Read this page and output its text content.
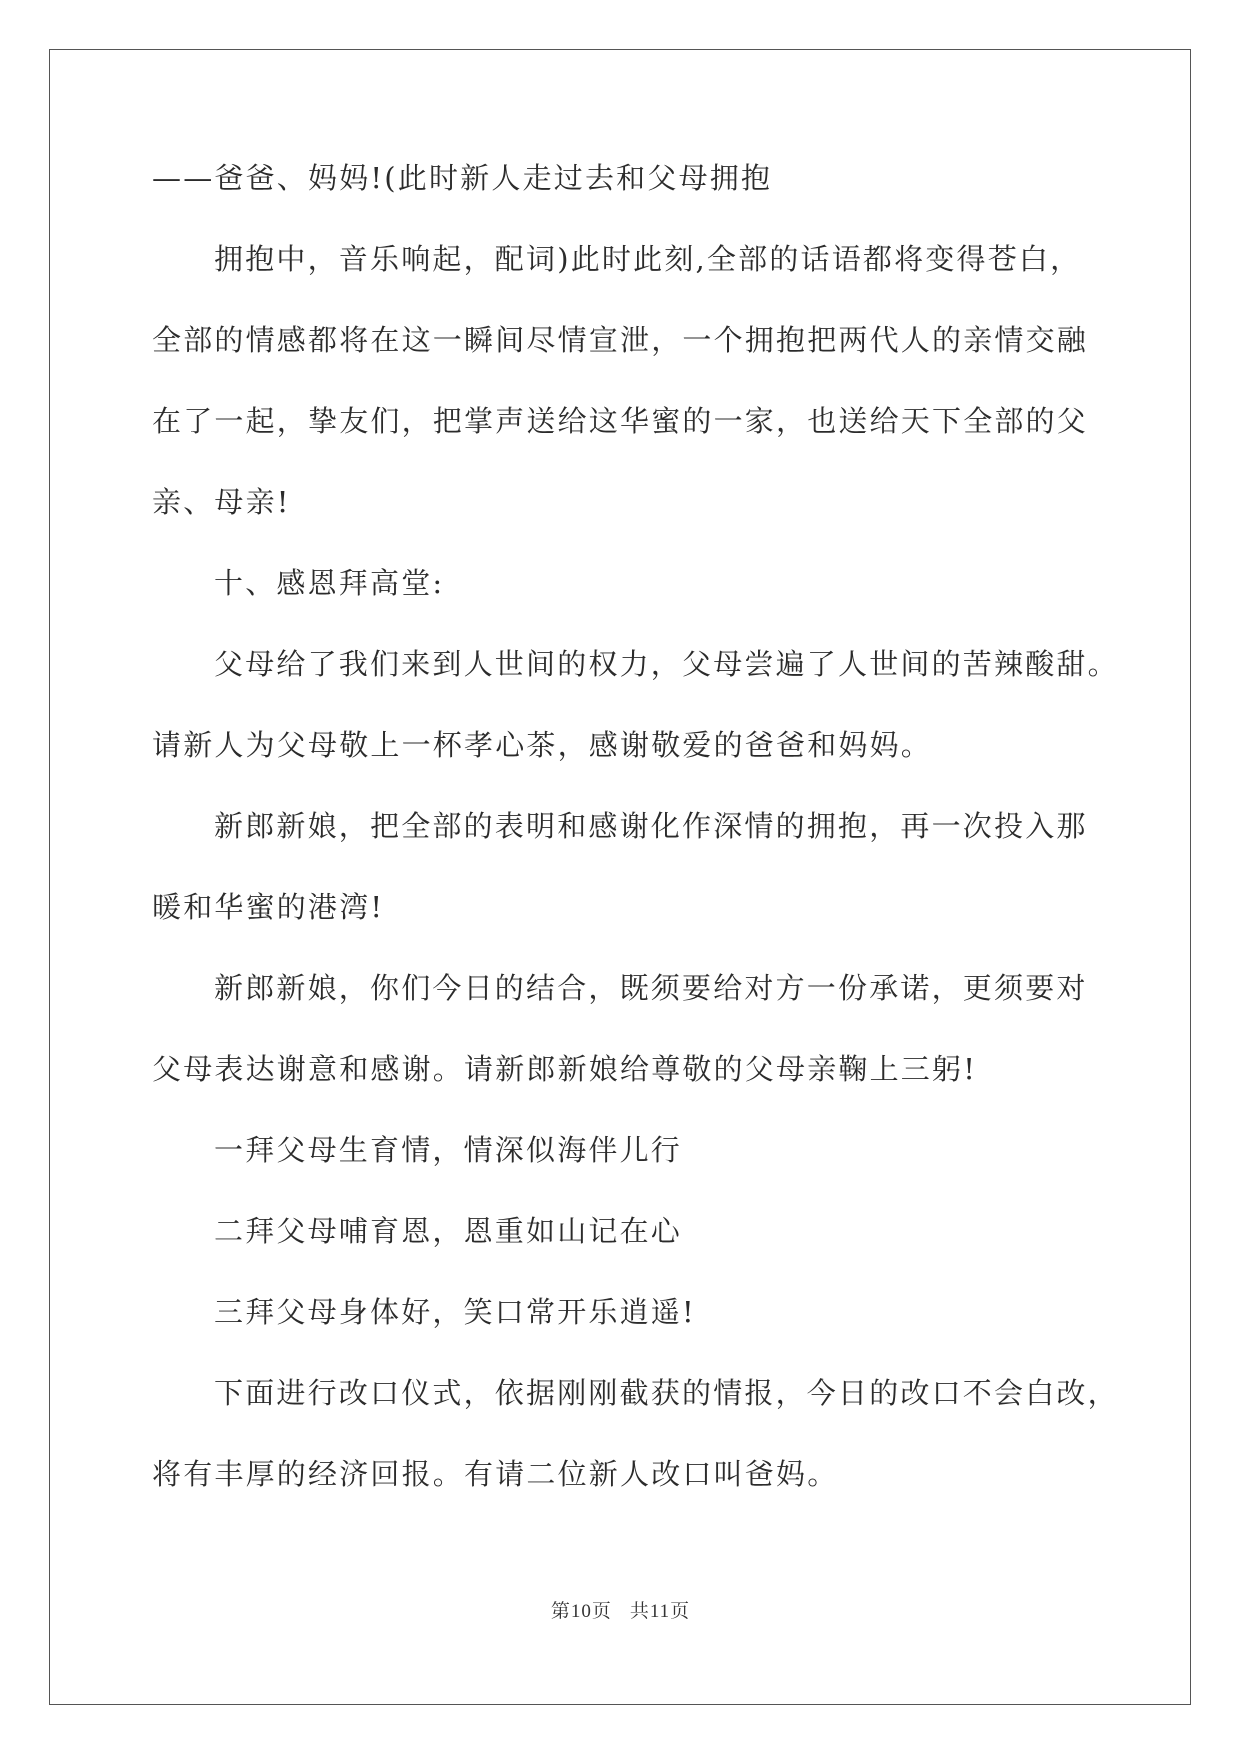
——爸爸、妈妈!(此时新人走过去和父母拥抱
拥抱中，音乐响起，配词)此时此刻,全部的话语都将变得苍白，
全部的情感都将在这一瞬间尽情宣泄，一个拥抱把两代人的亲情交融
在了一起，挚友们，把掌声送给这华蜜的一家，也送给天下全部的父
亲、母亲!
十、感恩拜高堂:
父母给了我们来到人世间的权力，父母尝遍了人世间的苦辣酸甜。
请新人为父母敬上一杯孝心茶，感谢敬爱的爸爸和妈妈。
新郎新娘，把全部的表明和感谢化作深情的拥抱，再一次投入那
暖和华蜜的港湾!
新郎新娘，你们今日的结合，既须要给对方一份承诺，更须要对
父母表达谢意和感谢。请新郎新娘给尊敬的父母亲鞠上三躬!
一拜父母生育情，情深似海伴儿行
二拜父母哺育恩，恩重如山记在心
三拜父母身体好，笑口常开乐逍遥!
下面进行改口仪式，依据刚刚截获的情报，今日的改口不会白改，
将有丰厚的经济回报。有请二位新人改口叫爸妈。
第10页 共11页
